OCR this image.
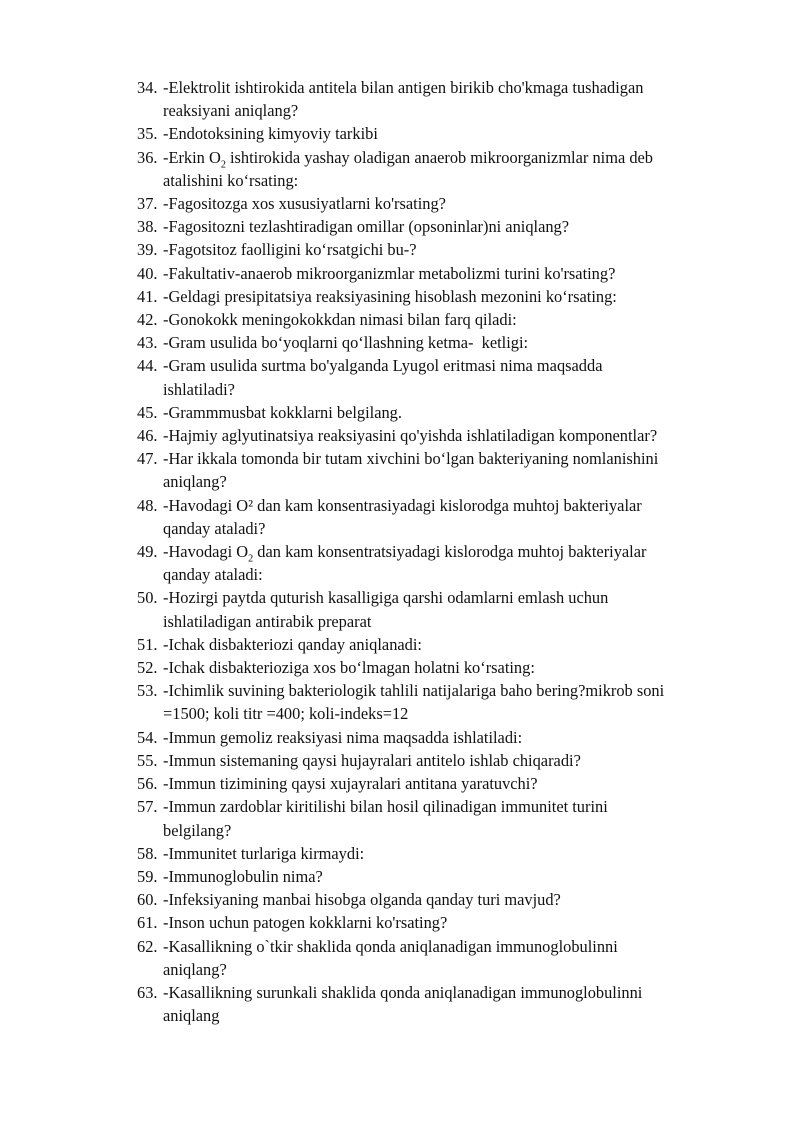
34. -Elektrolit ishtirokida antitela bilan antigen birikib cho'kmaga tushadigan
reaksiyani aniqlang?
35. -Endotoksining kimyoviy tarkibi
36. -Erkin $O_2$ ishtirokida yashay oladigan anaerob mikroorganizmlar nima deb
atalishini ko‘rsating:
37. -Fagositozga xos xususiyatlarni ko'rsating?
38. -Fagositozni tezlashtiradigan omillar (opsoninlar)ni aniqlang?
39. -Fagotsitoz faolligini ko‘rsatgichi bu-?
40. -Fakultativ-anaerob mikroorganizmlar metabolizmi turini ko'rsating?
41. -Geldagi presipitatsiya reaksiyasining hisoblash mezonini ko‘rsating:
42. -Gonokokk meningokokkdan nimasi bilan farq qiladi:
43. -Gram usulida bo‘yoqlarni qo‘llashning ketma-  ketligi:
44. -Gram usulida surtma bo'yalganda Lyugol eritmasi nima maqsadda
ishlatiladi?
45. -Grammmusbat kokklarni belgilang.
46. -Hajmiy aglyutinatsiya reaksiyasini qo'yishda ishlatiladigan komponentlar?
47. -Har ikkala tomonda bir tutam xivchini bo‘lgan bakteriyaning nomlanishini
aniqlang?
48. -Havodagi O² dan kam konsentrasiyadagi kislorodga muhtoj bakteriyalar
qanday ataladi?
49. -Havodagi $O_2$ dan kam konsentratsiyadagi kislorodga muhtoj bakteriyalar
qanday ataladi:
50. -Hozirgi paytda quturish kasalligiga qarshi odamlarni emlash uchun
ishlatiladigan antirabik preparat
51. -Ichak disbakteriozi qanday aniqlanadi:
52. -Ichak disbakterioziga xos bo‘lmagan holatni ko‘rsating:
53. -Ichimlik suvining bakteriologik tahlili natijalariga baho bering?mikrob soni
=1500; koli titr =400; koli-indeks=12
54. -Immun gemoliz reaksiyasi nima maqsadda ishlatiladi:
55. -Immun sistemaning qaysi hujayralari antitelo ishlab chiqaradi?
56. -Immun tizimining qaysi xujayralari antitana yaratuvchi?
57. -Immun zardoblar kiritilishi bilan hosil qilinadigan immunitet turini
belgilang?
58. -Immunitet turlariga kirmaydi:
59. -Immunoglobulin nima?
60. -Infeksiyaning manbai hisobga olganda qanday turi mavjud?
61. -Inson uchun patogen kokklarni ko'rsating?
62. -Kasallikning o`tkir shaklida qonda aniqlanadigan immunoglobulinni
aniqlang?
63. -Kasallikning surunkali shaklida qonda aniqlanadigan immunoglobulinni
aniqlang
